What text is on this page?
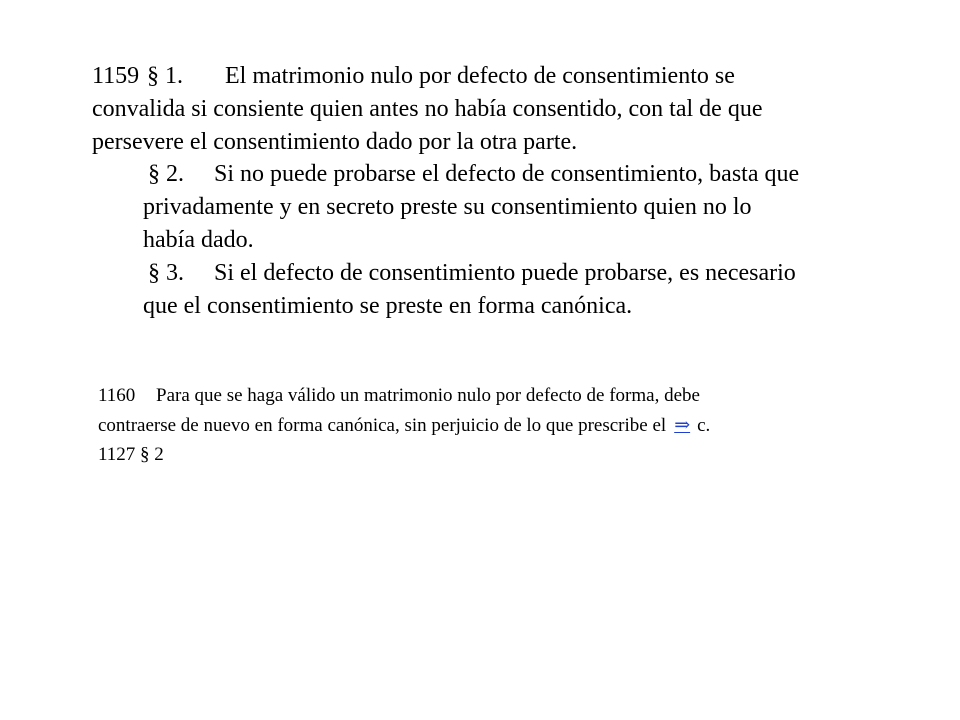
1159 § 1. El matrimonio nulo por defecto de consentimiento se
convalida si consiente quien antes no había consentido, con tal de que
persevere el consentimiento dado por la otra parte.
§ 2. Si no puede probarse el defecto de consentimiento, basta que
privadamente y en secreto preste su consentimiento quien no lo
había dado.
§ 3. Si el defecto de consentimiento puede probarse, es necesario
que el consentimiento se preste en forma canónica.
1160 Para que se haga válido un matrimonio nulo por defecto de forma, debe
contraerse de nuevo en forma canónica, sin perjuicio de lo que prescribe el ⇒ c.
1127 § 2
